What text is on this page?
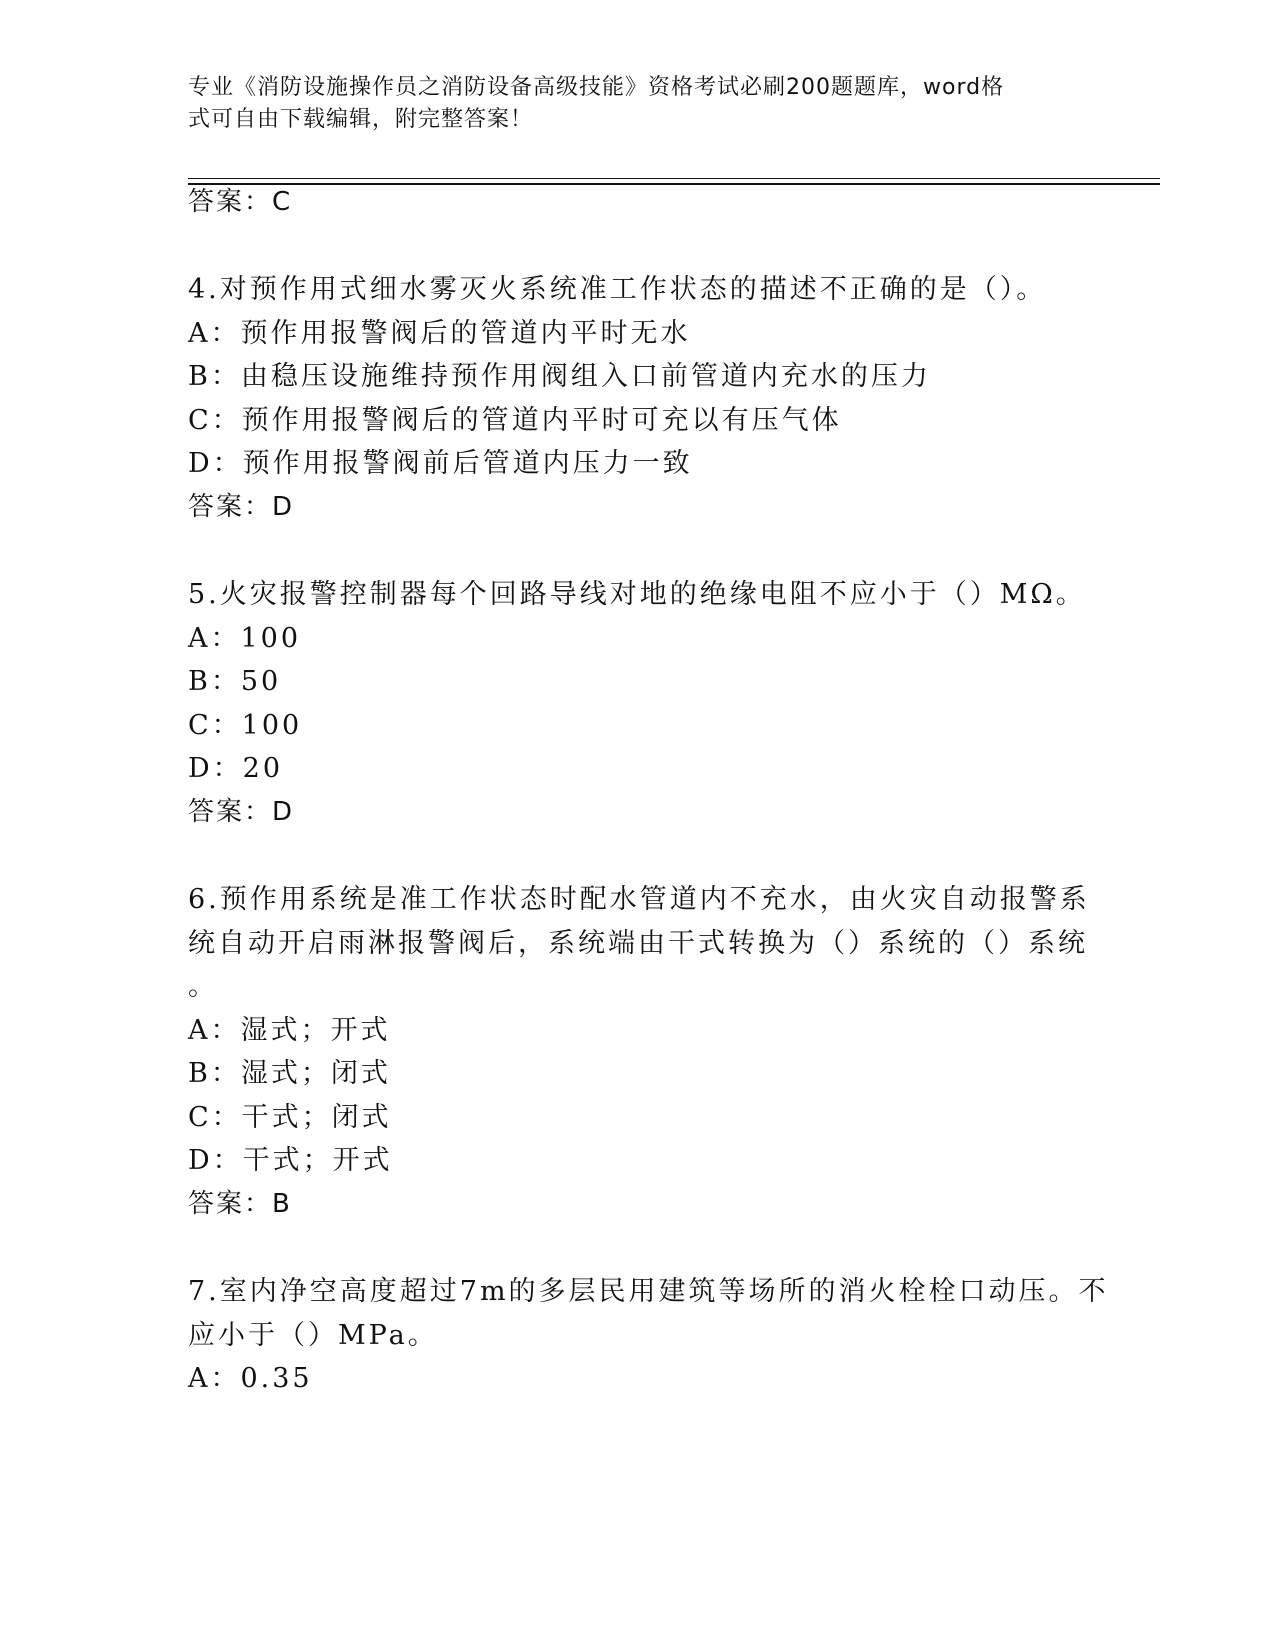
专业《消防设施操作员之消防设备高级技能》资格考试必刷200题题库，word格
式可自由下载编辑，附完整答案！
答案：C
4.对预作用式细水雾灭火系统准工作状态的描述不正确的是（）。
A：预作用报警阀后的管道内平时无水
B：由稳压设施维持预作用阀组入口前管道内充水的压力
C：预作用报警阀后的管道内平时可充以有压气体
D：预作用报警阀前后管道内压力一致
答案：D
5.火灾报警控制器每个回路导线对地的绝缘电阻不应小于（）MΩ。
A：100
B：50
C：100
D：20
答案：D
6.预作用系统是准工作状态时配水管道内不充水，由火灾自动报警系
统自动开启雨淋报警阀后，系统端由干式转换为（）系统的（）系统
。
A：湿式；开式
B：湿式；闭式
C：干式；闭式
D：干式；开式
答案：B
7.室内净空高度超过7m的多层民用建筑等场所的消火栓栓口动压。不
应小于（）MPa。
A：0.35
